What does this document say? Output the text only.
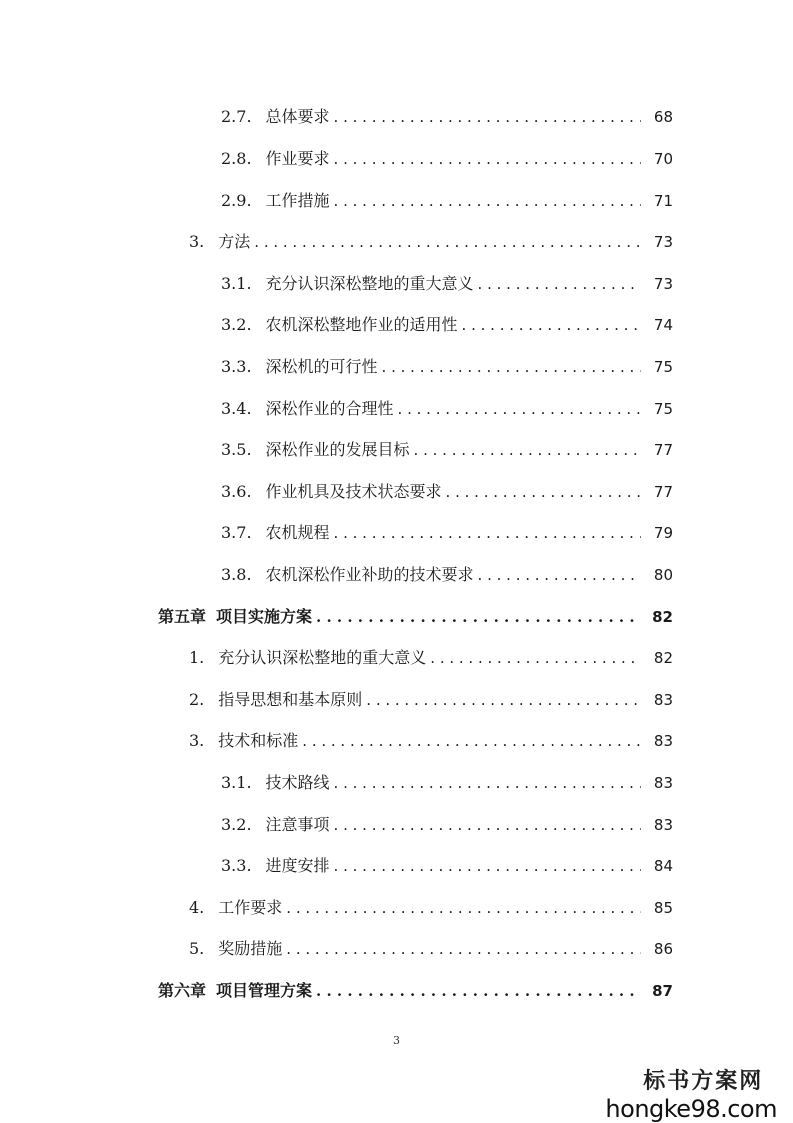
2.7. 总体要求 . . .	68
2.8. 作业要求 . . .	70
2.9. 工作措施 . . .	71
3. 方法 . . .	73
3.1. 充分认识深松整地的重大意义 . . .	73
3.2. 农机深松整地作业的适用性 . . .	74
3.3. 深松机的可行性 . . .	75
3.4. 深松作业的合理性 . . .	75
3.5. 深松作业的发展目标 . . .	77
3.6. 作业机具及技术状态要求 . . .	77
3.7. 农机规程 . . .	79
3.8. 农机深松作业补助的技术要求 . . .	80
第五章 项目实施方案 . . .	82
1. 充分认识深松整地的重大意义 . . .	82
2. 指导思想和基本原则 . . .	83
3. 技术和标准 . . .	83
3.1. 技术路线 . . .	83
3.2. 注意事项 . . .	83
3.3. 进度安排 . . .	84
4. 工作要求 . . .	85
5. 奖励措施 . . .	86
第六章 项目管理方案 . . .	87
3
标书方案网
hongke98.com
